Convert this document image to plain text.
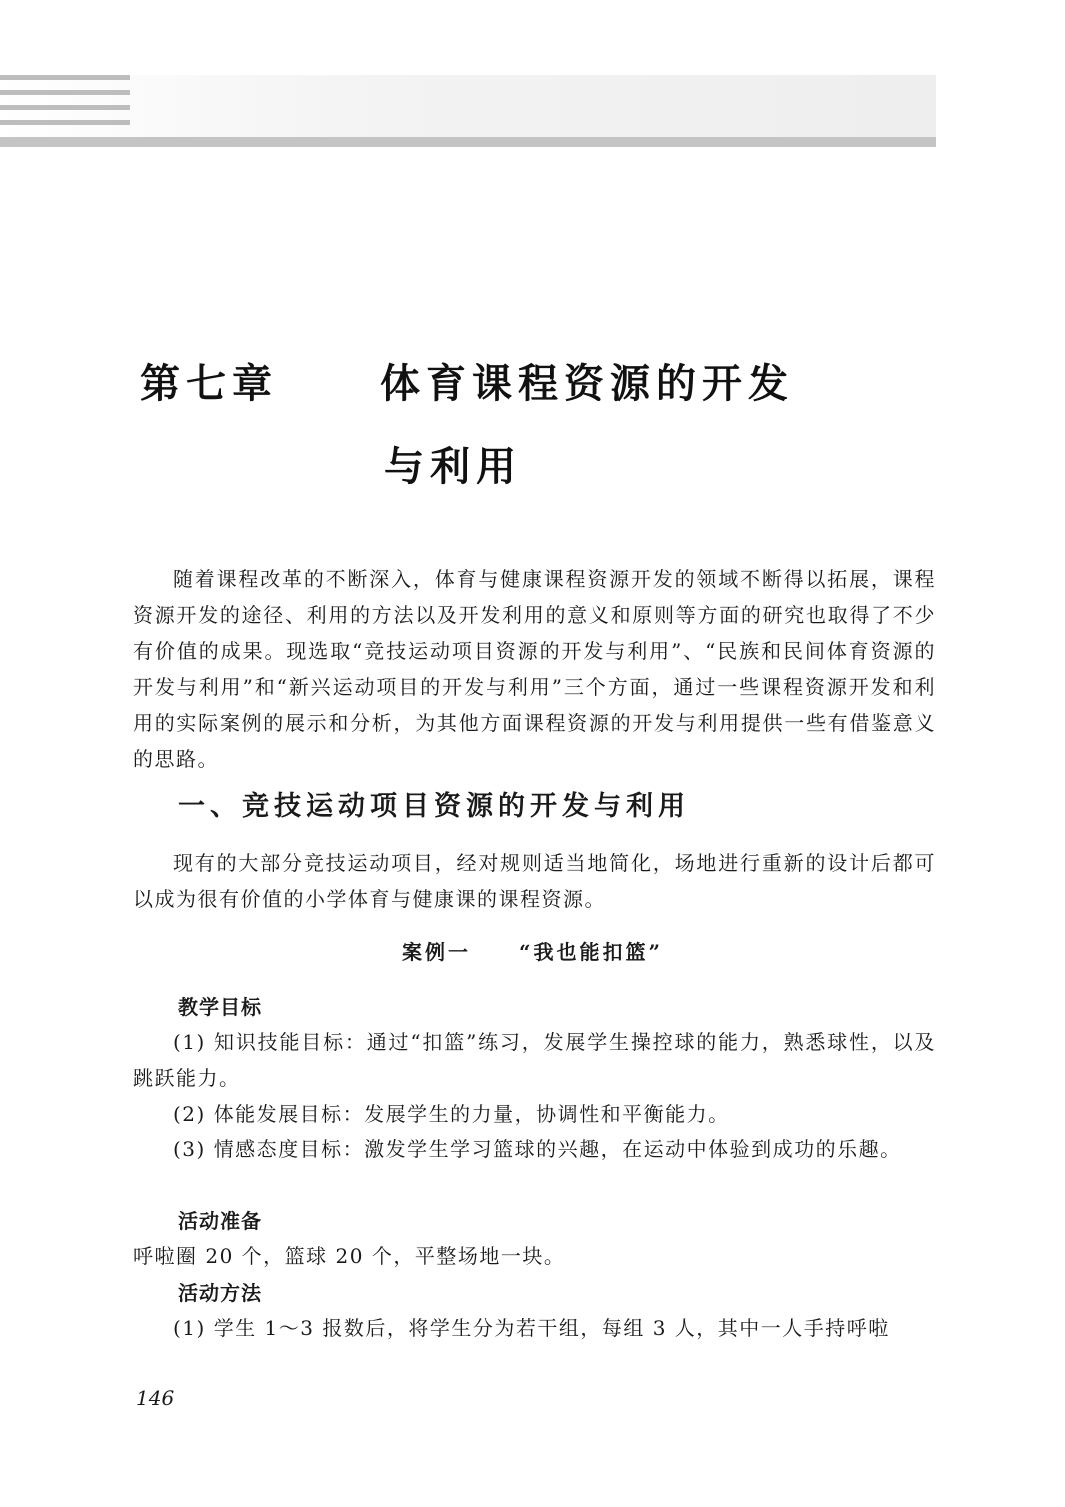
第七章	体育课程资源的开发
与利用

随着课程改革的不断深入，体育与健康课程资源开发的领域不断得以拓展，课程资源开发的途径、利用的方法以及开发利用的意义和原则等方面的研究也取得了不少有价值的成果。现选取“竞技运动项目资源的开发与利用”、“民族和民间体育资源的开发与利用”和“新兴运动项目的开发与利用”三个方面，通过一些课程资源开发和利用的实际案例的展示和分析，为其他方面课程资源的开发与利用提供一些有借鉴意义的思路。

一、竞技运动项目资源的开发与利用

现有的大部分竞技运动项目，经对规则适当地简化，场地进行重新的设计后都可以成为很有价值的小学体育与健康课的课程资源。

案例一 “我也能扣篮”
教学目标

(1) 知识技能目标：通过“扣篮”练习，发展学生操控球的能力，熟悉球性，以及跳跃能力。

(2) 体能发展目标：发展学生的力量，协调性和平衡能力。

(3) 情感态度目标：激发学生学习篮球的兴趣，在运动中体验到成功的乐趣。

活动准备

呼啦圈 20 个，篮球 20 个，平整场地一块。

活动方法

(1) 学生 1～3 报数后，将学生分为若干组，每组 3 人，其中一人手持呼啦

146
